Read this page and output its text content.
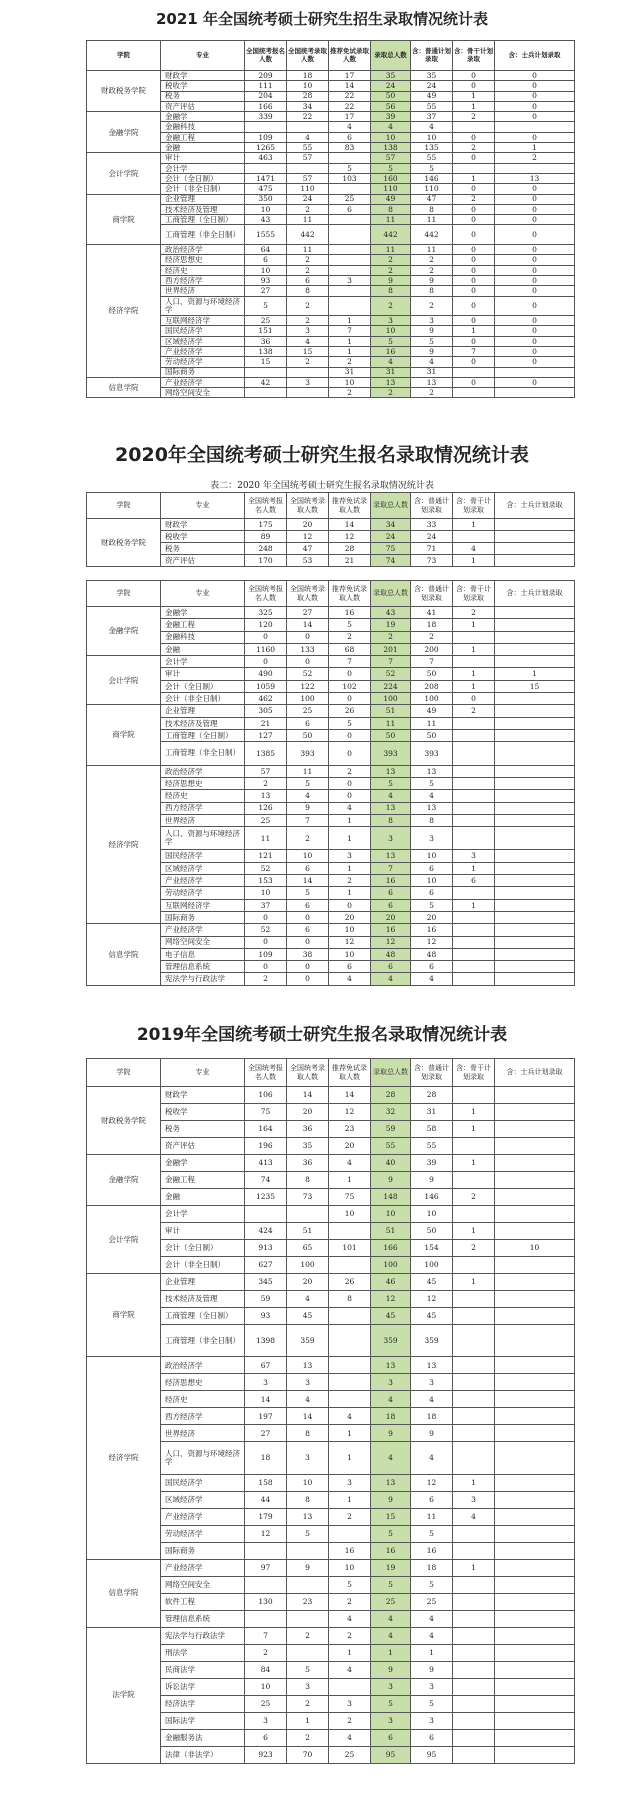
2021 年全国统考硕士研究生招生录取情况统计表
学院	专业	全国统考报名人数	全国统考录取人数	推荐免试录取人数	录取总人数	含：普通计划录取	含：骨干计划录取	含：士兵计划录取
财政税务学院	财政学	209	18	17	35	35	0	0
	税收学	111	10	14	24	24	0	0
	税务	204	28	22	50	49	1	0
	资产评估	166	34	22	56	55	1	0
金融学院	金融学	339	22	17	39	37	2	0
	金融科技			4	4	4		
	金融工程	109	4	6	10	10	0	0
	金融	1265	55	83	138	135	2	1
会计学院	审计	463	57		57	55	0	2
	会计学			5	5	5		
	会计（全日制）	1471	57	103	160	146	1	13
	会计（非全日制）	475	110		110	110	0	0
商学院	企业管理	350	24	25	49	47	2	0
	技术经济及管理	10	2	6	8	8	0	0
	工商管理（全日制）	43	11		11	11	0	0
	工商管理（非全日制）	1555	442		442	442	0	0
经济学院	政治经济学	64	11		11	11	0	0
	经济思想史	6	2		2	2	0	0
	经济史	10	2		2	2	0	0
	西方经济学	93	6	3	9	9	0	0
	世界经济	27	8		8	8	0	0
	人口、资源与环境经济学	5	2		2	2	0	0
	互联网经济学	25	2	1	3	3	0	0
	国民经济学	151	3	7	10	9	1	0
	区域经济学	36	4	1	5	5	0	0
	产业经济学	138	15	1	16	9	7	0
	劳动经济学	15	2	2	4	4	0	0
	国际商务			31	31	31		
信息学院	产业经济学	42	3	10	13	13	0	0
	网络空间安全			2	2	2		
2020年全国统考硕士研究生报名录取情况统计表
表二：2020 年全国统考硕士研究生报名录取情况统计表
学院	专业	全国统考报名人数	全国统考录取人数	推荐免试录取人数	录取总人数	含：普通计划录取	含：骨干计划录取	含：士兵计划录取
财政税务学院	财政学	175	20	14	34	33	1	
	税收学	89	12	12	24	24		
	税务	248	47	28	75	71	4	
	资产评估	170	53	21	74	73	1	
学院	专业	全国统考报名人数	全国统考录取人数	推荐免试录取人数	录取总人数	含：普通计划录取	含：骨干计划录取	含：士兵计划录取
金融学院	金融学	325	27	16	43	41	2	
	金融工程	120	14	5	19	18	1	
	金融科技	0	0	2	2	2		
	金融	1160	133	68	201	200	1	
会计学院	会计学	0	0	7	7	7		
	审计	490	52	0	52	50	1	1
	会计（全日制）	1059	122	102	224	208	1	15
	会计（非全日制）	462	100	0	100	100	0	
商学院	企业管理	305	25	26	51	49	2	
	技术经济及管理	21	6	5	11	11		
	工商管理（全日制）	127	50	0	50	50		
	工商管理（非全日制）	1385	393	0	393	393		
经济学院	政治经济学	57	11	2	13	13		
	经济思想史	2	5	0	5	5		
	经济史	13	4	0	4	4		
	西方经济学	126	9	4	13	13		
	世界经济	25	7	1	8	8		
	人口、资源与环境经济学	11	2	1	3	3		
	国民经济学	121	10	3	13	10	3	
	区域经济学	52	6	1	7	6	1	
	产业经济学	153	14	2	16	10	6	
	劳动经济学	10	5	1	6	6		
	互联网经济学	37	6	0	6	5	1	
	国际商务	0	0	20	20	20		
信息学院	产业经济学	52	6	10	16	16		
	网络空间安全	0	0	12	12	12		
	电子信息	109	38	10	48	48		
	管理信息系统	0	0	6	6	6		
	宪法学与行政法学	2	0	4	4	4		
2019年全国统考硕士研究生报名录取情况统计表
学院	专业	全国统考报名人数	全国统考录取人数	推荐免试录取人数	录取总人数	含：普通计划录取	含：骨干计划录取	含：士兵计划录取
财政税务学院	财政学	106	14	14	28	28		
	税收学	75	20	12	32	31	1	
	税务	164	36	23	59	58	1	
	资产评估	196	35	20	55	55		
金融学院	金融学	413	36	4	40	39	1	
	金融工程	74	8	1	9	9		
	金融	1235	73	75	148	146	2	
会计学院	会计学			10	10	10		
	审计	424	51		51	50	1	
	会计（全日制）	913	65	101	166	154	2	10
	会计（非全日制）	627	100		100	100		
商学院	企业管理	345	20	26	46	45	1	
	技术经济及管理	59	4	8	12	12		
	工商管理（全日制）	93	45		45	45		
	工商管理（非全日制）	1398	359		359	359		
经济学院	政治经济学	67	13		13	13		
	经济思想史	3	3		3	3		
	经济史	14	4		4	4		
	西方经济学	197	14	4	18	18		
	世界经济	27	8	1	9	9		
	人口、资源与环境经济学	18	3	1	4	4		
	国民经济学	158	10	3	13	12	1	
	区域经济学	44	8	1	9	6	3	
	产业经济学	179	13	2	15	11	4	
	劳动经济学	12	5		5	5		
	国际商务			16	16	16		
信息学院	产业经济学	97	9	10	19	18	1	
	网络空间安全			5	5	5		
	软件工程	130	23	2	25	25		
	管理信息系统			4	4	4		
法学院	宪法学与行政法学	7	2	2	4	4		
	刑法学	2		1	1	1		
	民商法学	84	5	4	9	9		
	诉讼法学	10	3		3	3		
	经济法学	25	2	3	5	5		
	国际法学	3	1	2	3	3		
	金融服务法	6	2	4	6	6		
	法律（非法学）	923	70	25	95	95		
